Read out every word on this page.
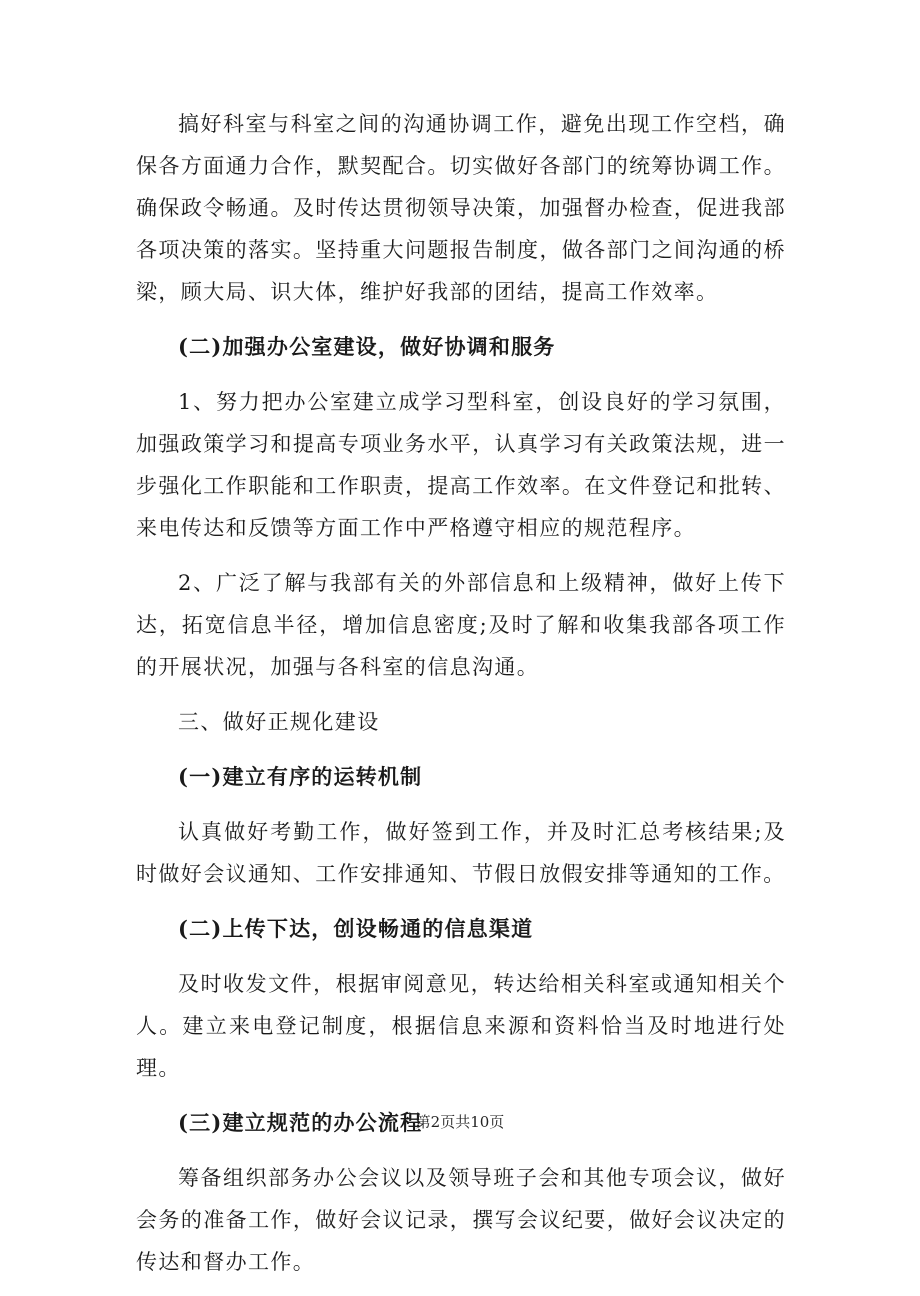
搞好科室与科室之间的沟通协调工作，避免出现工作空档，确保各方面通力合作，默契配合。切实做好各部门的统筹协调工作。确保政令畅通。及时传达贯彻领导决策，加强督办检查，促进我部各项决策的落实。坚持重大问题报告制度，做各部门之间沟通的桥梁，顾大局、识大体，维护好我部的团结，提高工作效率。

(二)加强办公室建设，做好协调和服务

1、努力把办公室建立成学习型科室，创设良好的学习氛围，加强政策学习和提高专项业务水平，认真学习有关政策法规，进一步强化工作职能和工作职责，提高工作效率。在文件登记和批转、来电传达和反馈等方面工作中严格遵守相应的规范程序。

2、广泛了解与我部有关的外部信息和上级精神，做好上传下达，拓宽信息半径，增加信息密度;及时了解和收集我部各项工作的开展状况，加强与各科室的信息沟通。

三、做好正规化建设

(一)建立有序的运转机制

认真做好考勤工作，做好签到工作，并及时汇总考核结果;及时做好会议通知、工作安排通知、节假日放假安排等通知的工作。

(二)上传下达，创设畅通的信息渠道

及时收发文件，根据审阅意见，转达给相关科室或通知相关个人。建立来电登记制度，根据信息来源和资料恰当及时地进行处理。

(三)建立规范的办公流程

筹备组织部务办公会议以及领导班子会和其他专项会议，做好会务的准备工作，做好会议记录，撰写会议纪要，做好会议决定的传达和督办工作。

第2页共10页
